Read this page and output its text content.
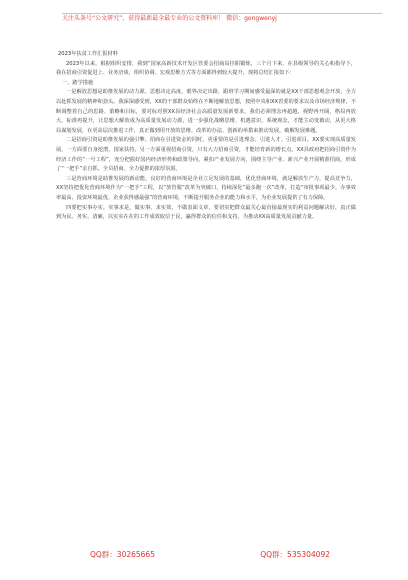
关注头条号“公文研究”，获得最新最全最专业的公文资料库！ 微信：gongwenyj

2023年扶贫工作汇报材料

2023年以来，根据组织安排，我到“国家高新技术开发区管委会招商局挂职锻炼，三个月下来，在县级领导的关心和指导下，我在招商引资促进上、业务洽谈、组织协调、宏观思维方式等方面都得到较大提升，现将总结汇报如下：

一、踏学措施

一是解放思想是助推发展的动力源。思想决定高度，眼界决定出路，跟班学习期间感受最深的就是XX干部思想观念开放，全力以赴抓发展的精神和劲头。我深深感受到，XX的干部群众始终在不断地解放思想，按照中央和XX省委的要求以及市场经济规律，不断调整着自己的思路、策略和目标，要对标对照XX县经济社会高质量发展新要求，我们必须理念再超越、视野再开阔，格局再放大，标准再提升，让思想大解放成为高质量发展动力源，进一步强化战略思维、机遇意识、系统观念，才能主动变被动，从更大格局谋划发展，在更高层次推进工作，真正做到用开放的思维、改革的办法、创新的举措来推动发展，破解发展难题。

二是招商引资是助推发展的强引擎。招商在引进资金的同时，更重要的是引进理念、引进人才、引进项目，XX要实现高质量发展，一方面要自身挖潜，国家扶持，另一方面重视招商引资，只有大力招商引资，才能培育新的增长点。XX县政府把招商引资作为经济工作的“一号工程”，充分把握好国内经济形势和政策导向，紧扣产业发展方向，围绕主导产业、新兴产业开展精准招商，形成了“一把手”亲自抓、全员招商、全力促推的浓厚氛围。

三是营商环境是助推发展的新动能。良好的营商环境是企业立足发展的基础，优化营商环境，就是解放生产力，提高竞争力，XX坚持把优化营商环境作为“一把手”工程，以“放管服”改革为突破口，持续深化“最多跑一次”改革，打造“审批事项最少、办事效率最高、投资环境最优、企业获得感最强”的营商环境，不断提升服务企业的能力和水平，为企业发展提供了有力保障。

四要把实事办实。实事求是，做实事、求实效，不做表面文章，要切实把群众最关心最直接最现实的利益问题解决好，真正做到为民、务实、清廉，以实实在在的工作成效取信于民，赢得群众的信任和支持，为推动XX高质量发展贡献力量。

QQ群：30265665	QQ群：535304092
